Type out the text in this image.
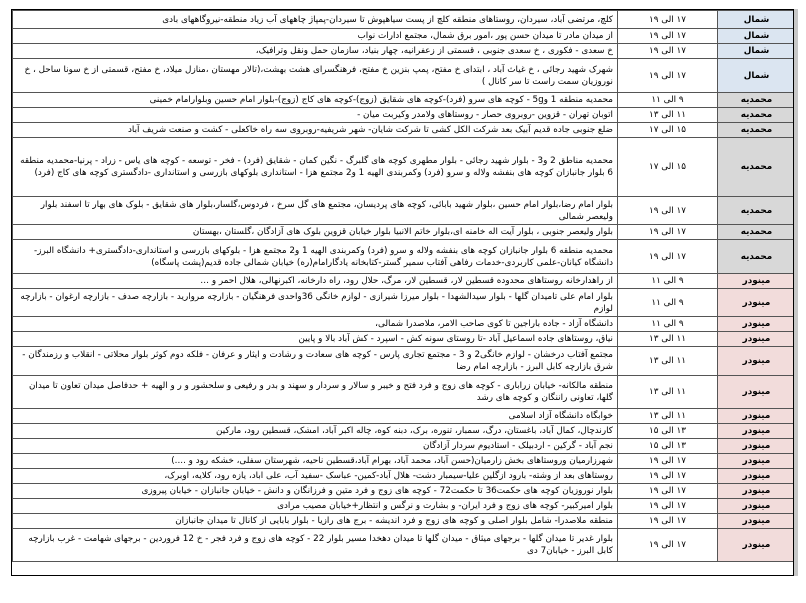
کلچ، مرتضی آباد، سیردان، روستاهای منطقه کلچ از پست سیاهپوش تا سیردان-پمپاژ چاههای آب زیاد منطقه-نیروگاههای بادی	۱۷ الی ۱۹	شمال
از میدان مادر تا میدان حسن پور ،امور برق شمال، مجتمع ادارات نواب	۱۷ الی ۱۹	شمال
خ سعدی - فکوری ، خ سعدی جنوبی ، قسمتی از زعفرانیه، چهار بنیاد، سازمان حمل ونقل وترافیک،	۱۷ الی ۱۹	شمال
شهرک شهید رجائی ، خ غیاث آباد ، ابتدای خ مفتح، پمپ بنزین خ مفتح، فرهنگسرای هشت بهشت،(تالار مهستان ،منازل میلاد، خ مفتح، قسمتی از خ سونا ساحل ، خ نوروزیان سمت راست تا سر کانال )	۱۷ الی ۱۹	شمال
محمدیه منطقه 1 و5g - کوچه های سرو (فرد)-کوچه های شقایق (زوج)-کوچه های کاج (زوج)-بلوار امام حسین وبلوارامام خمینی	۹ الی ۱۱	محمدیه
اتوبان تهران - قزوین -روبروی حصار - روستاهای ولامدر وکیربت میان -	۱۱ الی ۱۳	محمدیه
ضلع جنوبی جاده قدیم آبیک بعد شرکت الکل کشی تا شرکت شایان- شهر شریفیه-روبروی سه راه خاکعلی - کشت و صنعت شریف آباد	۱۵ الی ۱۷	محمدیه
محمدیه مناطق 2 و3 - بلوار شهید رجائی - بلوار مطهری کوچه های گلبرگ - نگین کمان - شقایق (فرد) - فخر - توسعه - کوچه های یاس - زراد - پرنیا-محمدیه منطقه 6 بلوار جانبازان کوچه های بنفشه ولاله و سرو (فرد) وکمربندی الهیه 1 و2 مجتمع هزا - استانداری بلوکهای بازرسی و استانداری -دادگستری کوچه های کاج (فرد)	۱۵ الی ۱۷	محمدیه
بلوار امام رضا،بلوار امام حسین ،بلوار شهید بابائی، کوچه های پردیسان، مجتمع های گل سرخ ، فردوس،گلسار،بلوار های شقایق - بلوک های بهار تا اسفند بلوار ولیعصر شمالی	۱۷ الی ۱۹	محمدیه
بلوار ولیعصر جنوبی ، بلوار آیت اله خامنه ای،بلوار خاتم الانبیا بلوار خیابان قزوین بلوک های آزادگان ،گلستان ،بهستان	۱۷ الی ۱۹	محمدیه
محمدیه منطقه 6 بلوار جانبازان کوچه های بنفشه ولاله و سرو (فرد) وکمربندی الهیه 1 و2 مجتمع هزا - بلوکهای بازرسی و استانداری-دادگستری+ دانشگاه البرز-دانشگاه کیانان-علمی کاربردی-خدمات رفاهی آفتاب سمیر گستر-کتابخانه یادگارامام(ره) خیابان شمالی جاده قدیم(پشت پاسگاه)	۱۷ الی ۱۹	محمدیه
از راهدارخانه روستاهای محدوده قسطین لار، قسطین لار، مرگ، حلال رود، راه دارخانه، اکبرنهالی، هلال احمر و …	۹ الی ۱۱	مینودر
بلوار امام علی تامیدان گلها - بلوار سیدالشهدا - بلوار میرزا شیرازی - لوازم خانگی 36واحدی فرهنگیان - بازارچه مروارید - بازارچه صدف - بازارچه ارغوان - بازارچه لوازم	۹ الی ۱۱	مینودر
دانشگاه آزاد - جاده باراجین تا کوی صاحب الامر، ملاصدرا شمالی،	۹ الی ۱۱	مینودر
نیاق، روستاهای جاده اسماعیل آباد -تا روستای سونه کش - اسپرد - کش آباد بالا و پایین	۱۱ الی ۱۳	مینودر
مجتمع آفتاب درخشان - لوازم خانگی2 و 3 - مجتمع تجاری پارس - کوچه های سعادت و رشادت و ایثار و عرفان - فلکه دوم کوثر بلوار محلاتی - انقلاب و رزمندگان - شرق بازارچه کابل البرز - بازارچه امام رضا	۱۱ الی ۱۳	مینودر
منطقه مالکانه- خیابان زراباری - کوچه های زوج و فرد فتح و خیبر و سالار و سردار و سهند و بدر و رفیعی و سلحشور و ر و الهیه + حدفاصل میدان تعاون تا میدان گلها، تعاونی راننگان و کوچه های رشد	۱۱ الی ۱۳	مینودر
خوابگاه دانشگاه آزاد اسلامی	۱۱ الی ۱۳	مینودر
کارندچال، کمال آباد، باغستان، درگ، سمبار، تنوره، برک، دبنه کوه، چاله اکبر آباد، امشک، قسطین رود، مارکین	۱۳ الی ۱۵	مینودر
نجم آباد - گرکین - اردبیلک - استادیوم سردار آزادگان	۱۳ الی ۱۵	مینودر
شهرزارمیان وروستاهای بخش زارمیان(حسن آباد، محمد آباد، بهرام آباد،قسطین ناحیه، شهرستان سفلی، خشکه رود و ....)	۱۷ الی ۱۹	مینودر
روستاهای بعد از وشته- بارود ازگلین علیا-سیمبار دشت- هلال آباد-کمین- عباسک -سفید آب، علی اباد، یازه رود، کلایه، اوبرک،	۱۷ الی ۱۹	مینودر
بلوار نوروزیان کوچه های حکمت36 تا حکمت72 - کوچه های زوج و فرد متین و فرزانگان و دانش - خیابان جانبازان - خیابان پیروزی	۱۷ الی ۱۹	مینودر
بلوار امیرکبیر- کوچه های زوج و فرد ایران- و بشارت و نرگس و انتظار+خیابان مصیب مرادی	۱۷ الی ۱۹	مینودر
منطقه ملاصدرا- شامل بلوار اصلی و کوچه های زوج و فرد اندیشه - برج های رازیا - بلوار بابایی از کانال تا میدان جانبازان	۱۷ الی ۱۹	مینودر
بلوار غدیر تا میدان گلها - برجهای میثاق - میدان گلها تا میدان دهخدا مسیر بلوار 22 - کوچه های زوج و فرد فجر - خ 12 فروردین - برجهای شهامت - غرب بازارچه کابل البرز - خیابان7 دی	۱۷ الی ۱۹	مینودر
